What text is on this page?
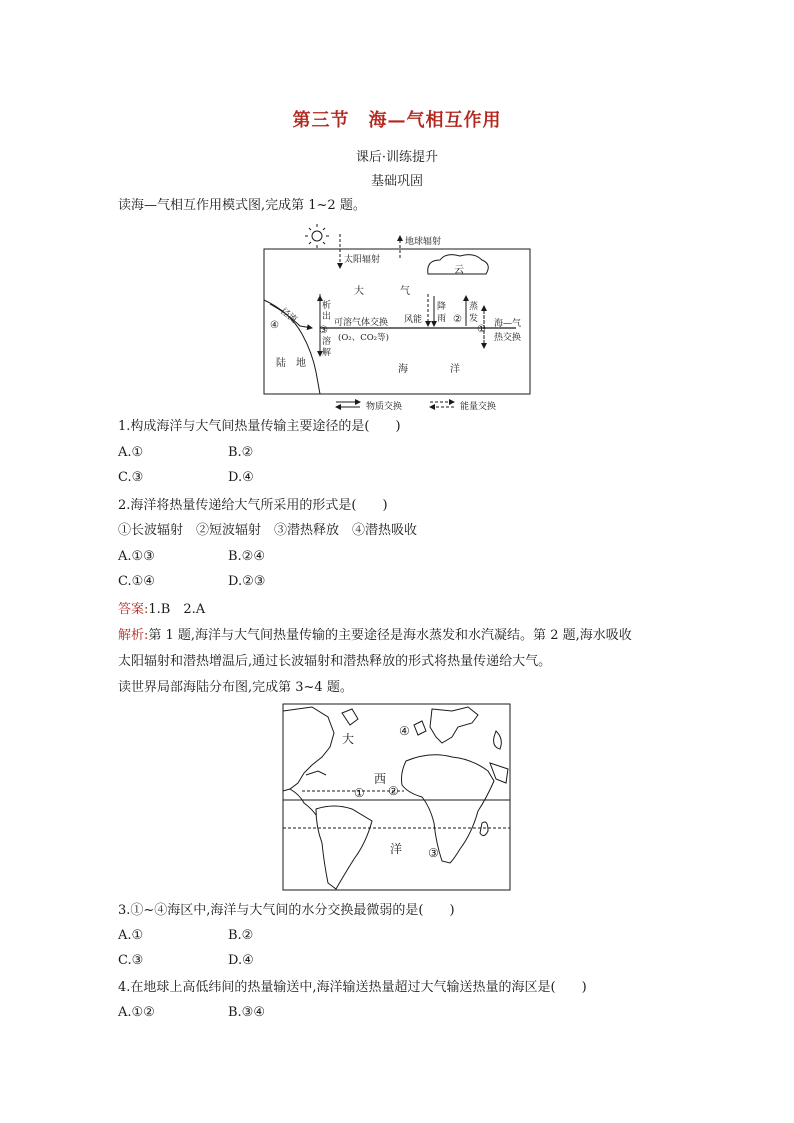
第三节　海—气相互作用
课后·训练提升
基础巩固
读海—气相互作用模式图,完成第 1~2 题。
太阳辐射
地球辐射
云
大	气
径流
④
析
出
③
溶
解
可溶气体交换
(O₂、CO₂等)
风能
降
雨 ②
蒸
发
① 海—气
热交换
陆　地
海	洋
物质交换	能量交换
1.构成海洋与大气间热量传输主要途径的是(　　)
A.①	B.②
C.③	D.④
2.海洋将热量传递给大气所采用的形式是(　　)
①长波辐射　②短波辐射　③潜热释放　④潜热吸收
A.①③	B.②④
C.①④	D.②③
答案:1.B　2.A
解析:第 1 题,海洋与大气间热量传输的主要途径是海水蒸发和水汽凝结。第 2 题,海水吸收
太阳辐射和潜热增温后,通过长波辐射和潜热释放的形式将热量传递给大气。
读世界局部海陆分布图,完成第 3~4 题。
大
西
洋
① ②
③
④
3.①~④海区中,海洋与大气间的水分交换最微弱的是(　　)
A.①	B.②
C.③	D.④
4.在地球上高低纬间的热量输送中,海洋输送热量超过大气输送热量的海区是(　　)
A.①②	B.③④
